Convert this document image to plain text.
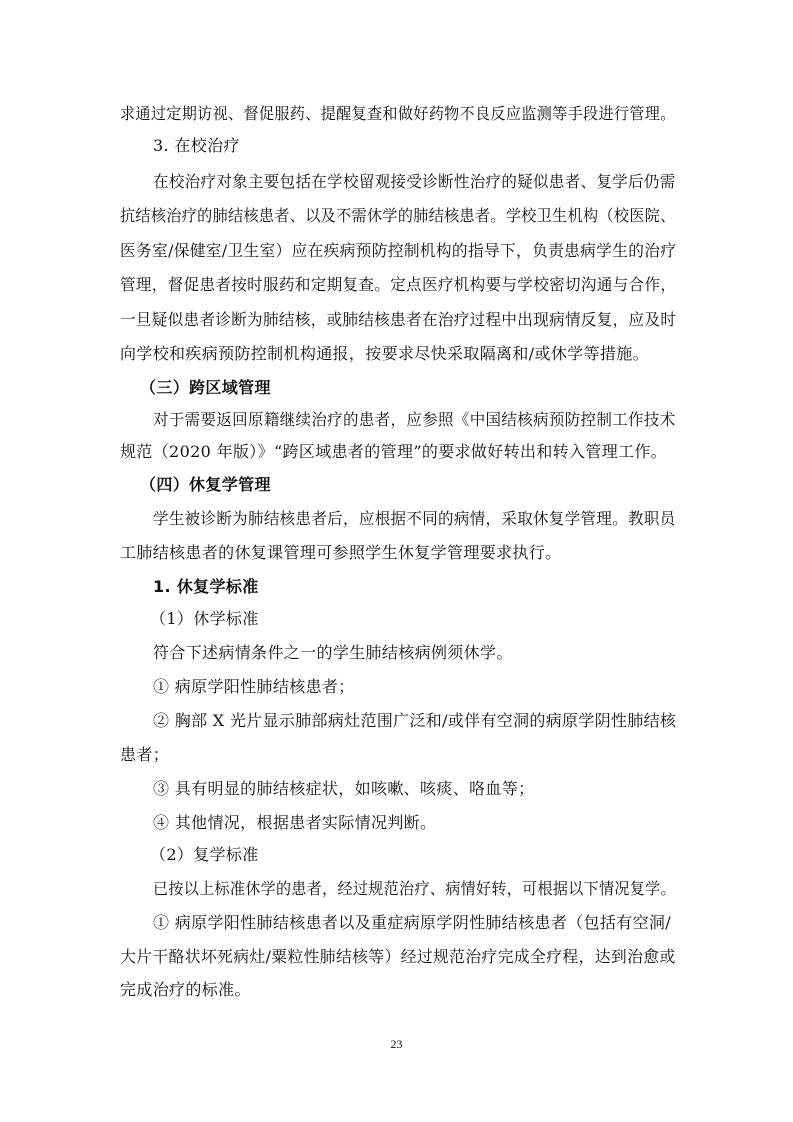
求通过定期访视、督促服药、提醒复查和做好药物不良反应监测等手段进行管理。
3. 在校治疗
在校治疗对象主要包括在学校留观接受诊断性治疗的疑似患者、复学后仍需
抗结核治疗的肺结核患者、以及不需休学的肺结核患者。学校卫生机构（校医院、
医务室/保健室/卫生室）应在疾病预防控制机构的指导下，负责患病学生的治疗
管理，督促患者按时服药和定期复查。定点医疗机构要与学校密切沟通与合作，
一旦疑似患者诊断为肺结核，或肺结核患者在治疗过程中出现病情反复，应及时
向学校和疾病预防控制机构通报，按要求尽快采取隔离和/或休学等措施。
（三）跨区域管理
对于需要返回原籍继续治疗的患者，应参照《中国结核病预防控制工作技术
规范（2020 年版）》“跨区域患者的管理”的要求做好转出和转入管理工作。
（四）休复学管理
学生被诊断为肺结核患者后，应根据不同的病情，采取休复学管理。教职员
工肺结核患者的休复课管理可参照学生休复学管理要求执行。
1. 休复学标准
（1）休学标准
符合下述病情条件之一的学生肺结核病例须休学。
① 病原学阳性肺结核患者；
② 胸部 X 光片显示肺部病灶范围广泛和/或伴有空洞的病原学阴性肺结核
患者；
③ 具有明显的肺结核症状，如咳嗽、咳痰、咯血等；
④ 其他情况，根据患者实际情况判断。
（2）复学标准
已按以上标准休学的患者，经过规范治疗、病情好转，可根据以下情况复学。
① 病原学阳性肺结核患者以及重症病原学阴性肺结核患者（包括有空洞/
大片干酪状坏死病灶/粟粒性肺结核等）经过规范治疗完成全疗程，达到治愈或
完成治疗的标准。
23
